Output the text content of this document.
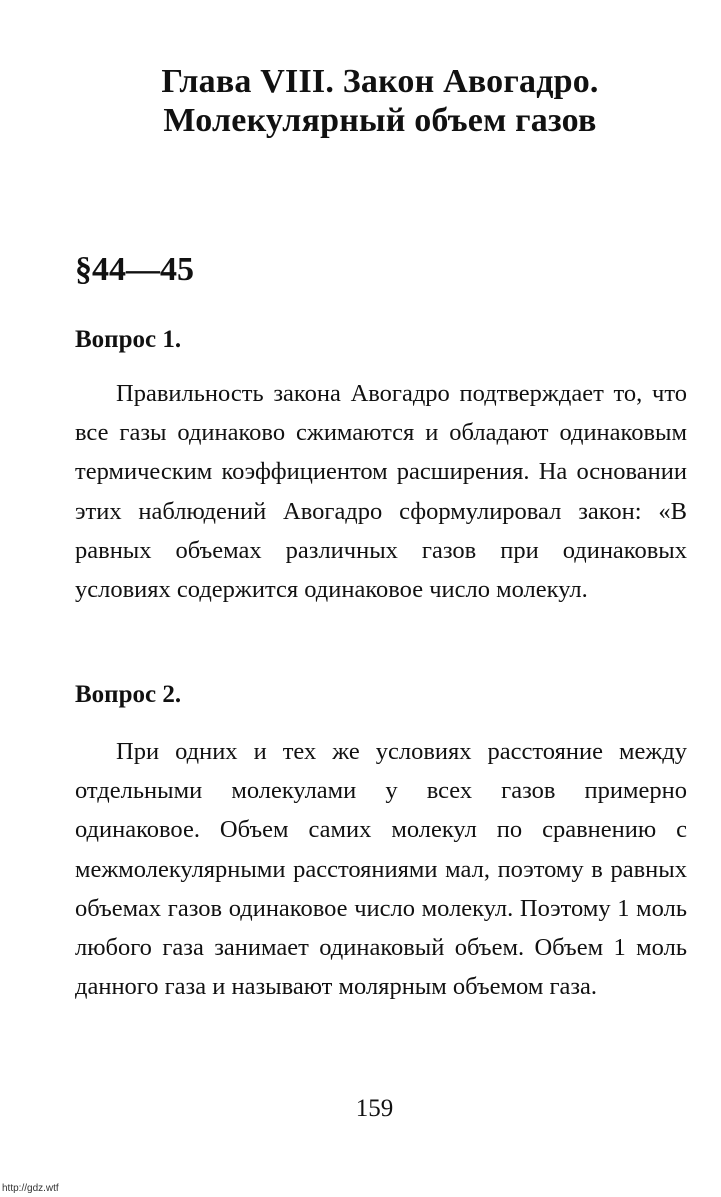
Глава VIII. Закон Авогадро.
Молекулярный объем газов
§44—45
Вопрос 1.
Правильность закона Авогадро подтверждает то, что все газы одинаково сжимаются и обладают одинаковым термическим коэффициентом расширения. На основании этих наблюдений Авогадро сформулировал закон: «В равных объемах различных газов при одинаковых условиях содержится одинаковое число молекул.
Вопрос 2.
При одних и тех же условиях расстояние между отдельными молекулами у всех газов примерно одинаковое. Объем самих молекул по сравнению с межмолекулярными расстояниями мал, поэтому в равных объемах газов одинаковое число молекул. Поэтому 1 моль любого газа занимает одинаковый объем. Объем 1 моль данного газа и называют молярным объемом газа.
159
http://gdz.wtf
